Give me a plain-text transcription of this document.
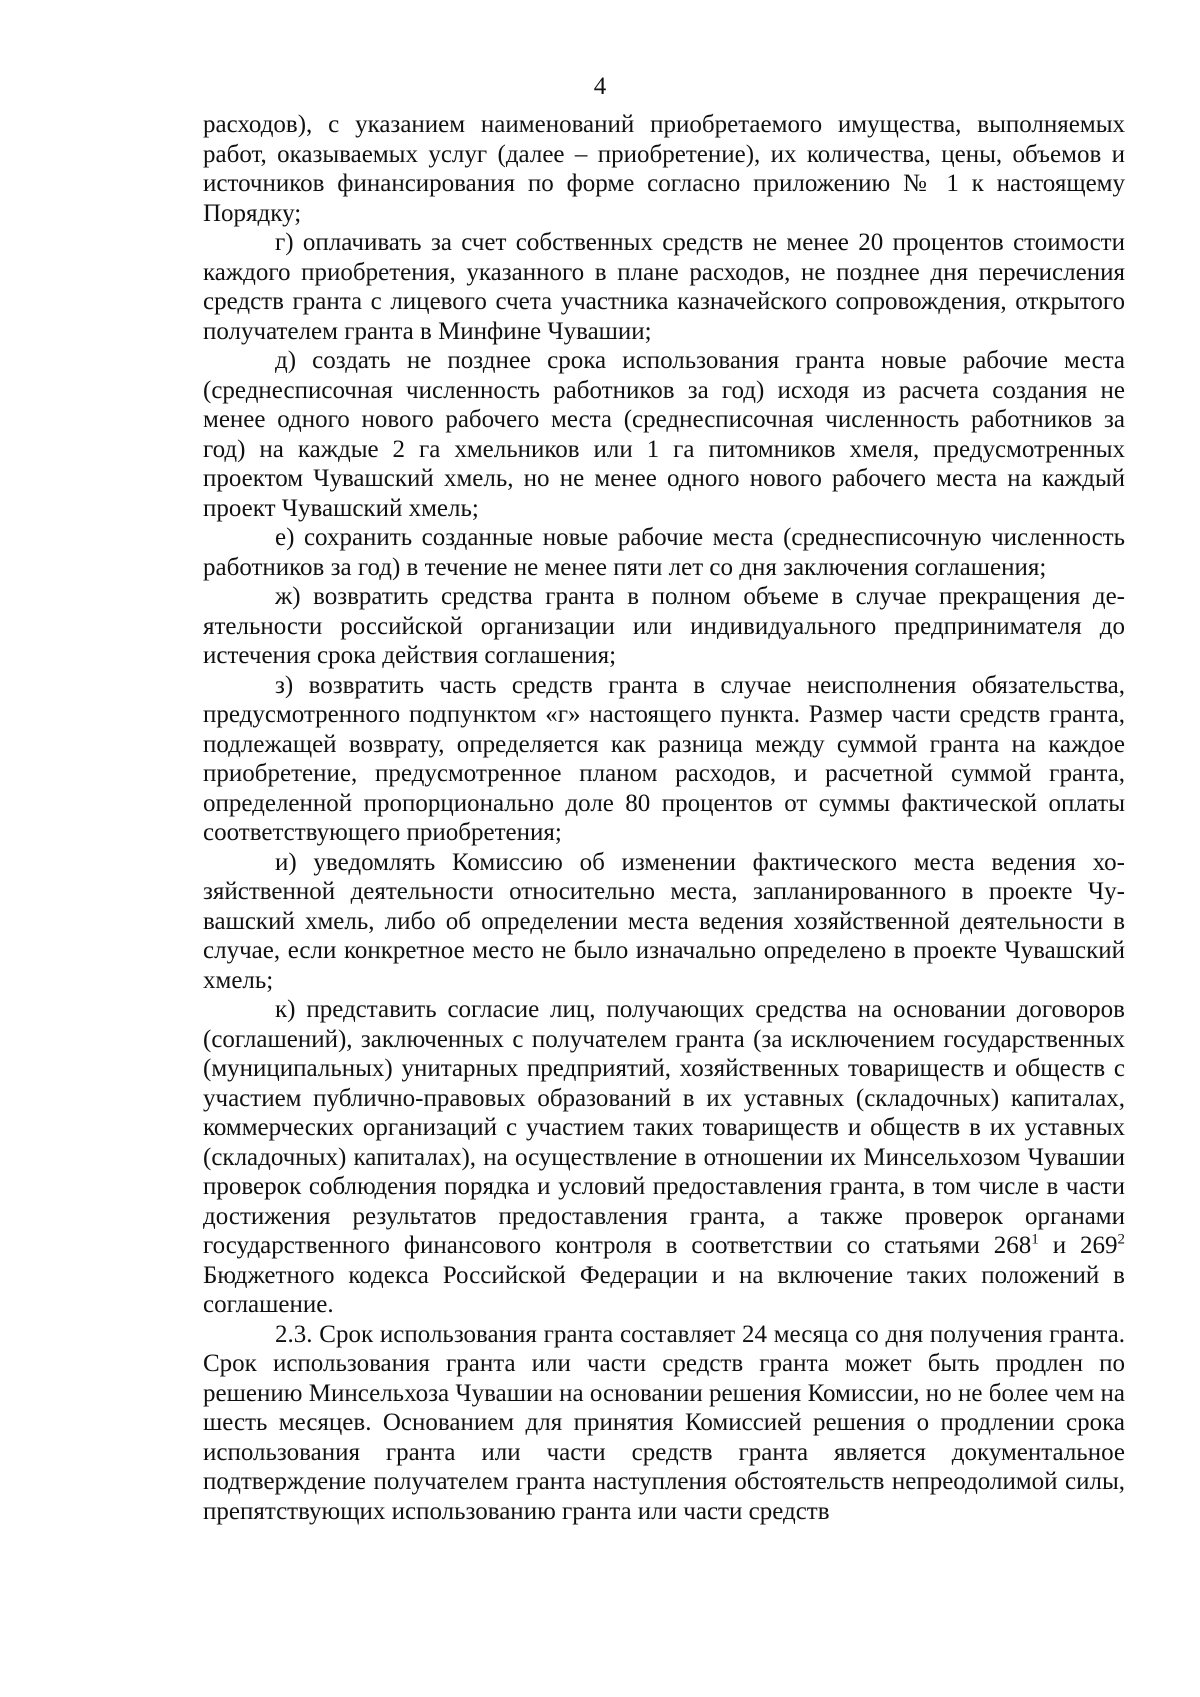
4

расходов), с указанием наименований приобретаемого имущества, выполняемых работ, оказываемых услуг (далее – приобретение), их количества, цены, объемов и источников финансирования по форме согласно приложению № 1 к настоящему Порядку;

г) оплачивать за счет собственных средств не менее 20 процентов стоимости каждого приобретения, указанного в плане расходов, не позднее дня перечисления средств гранта с лицевого счета участника казначейского сопровождения, открытого получателем гранта в Минфине Чувашии;

д) создать не позднее срока использования гранта новые рабочие места (среднесписочная численность работников за год) исходя из расчета создания не менее одного нового рабочего места (среднесписочная численность работников за год) на каждые 2 га хмельников или 1 га питомников хмеля, предусмотренных проектом Чувашский хмель, но не менее одного нового рабочего места на каждый проект Чувашский хмель;

е) сохранить созданные новые рабочие места (среднесписочную численность работников за год) в течение не менее пяти лет со дня заключения соглашения;

ж) возвратить средства гранта в полном объеме в случае прекращения деятельности российской организации или индивидуального предпринимателя до истечения срока действия соглашения;

з) возвратить часть средств гранта в случае неисполнения обязательства, предусмотренного подпунктом «г» настоящего пункта. Размер части средств гранта, подлежащей возврату, определяется как разница между суммой гранта на каждое приобретение, предусмотренное планом расходов, и расчетной суммой гранта, определенной пропорционально доле 80 процентов от суммы фактической оплаты соответствующего приобретения;

и) уведомлять Комиссию об изменении фактического места ведения хозяйственной деятельности относительно места, запланированного в проекте Чувашский хмель, либо об определении места ведения хозяйственной деятельности в случае, если конкретное место не было изначально определено в проекте Чувашский хмель;

к) представить согласие лиц, получающих средства на основании договоров (соглашений), заключенных с получателем гранта (за исключением государственных (муниципальных) унитарных предприятий, хозяйственных товариществ и обществ с участием публично-правовых образований в их уставных (складочных) капиталах, коммерческих организаций с участием таких товариществ и обществ в их уставных (складочных) капиталах), на осуществление в отношении их Минсельхозом Чувашии проверок соблюдения порядка и условий предоставления гранта, в том числе в части достижения результатов предоставления гранта, а также проверок органами государственного финансового контроля в соответствии со статьями $268^1$ и $269^2$ Бюджетного кодекса Российской Федерации и на включение таких положений в соглашение.

2.3. Срок использования гранта составляет 24 месяца со дня получения гранта. Срок использования гранта или части средств гранта может быть продлен по решению Минсельхоза Чувашии на основании решения Комиссии, но не более чем на шесть месяцев. Основанием для принятия Комиссией решения о продлении срока использования гранта или части средств гранта является документальное подтверждение получателем гранта наступления обстоятельств непреодолимой силы, препятствующих использованию гранта или части средств
